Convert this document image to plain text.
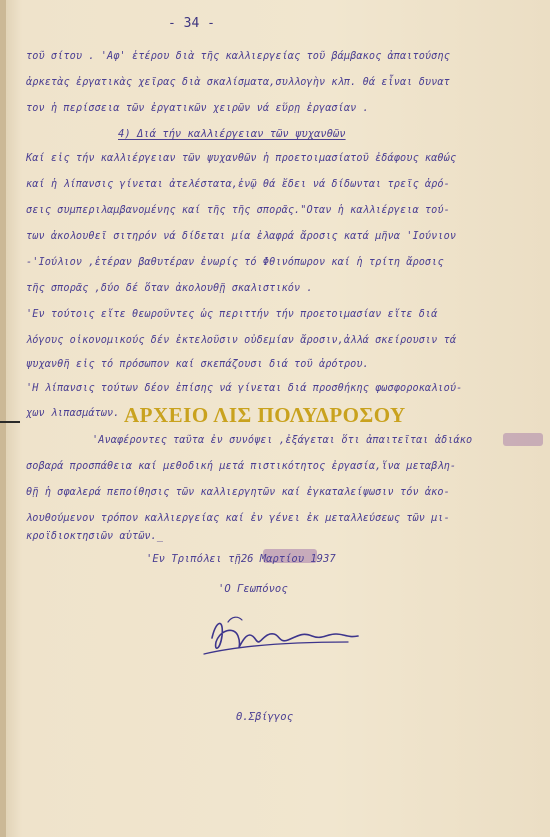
- 34 -
τοῦ σίτου . 'Αφ' ἑτέρου διὰ τῆς καλλιεργείας τοῦ βάμβακος ἀπαιτούσης
ἀρκετὰς ἐργατικὰς χεῖρας διὰ σκαλίσματα,συλλογὴν κλπ. θά εἶναι δυνατ
τον ἡ περίσσεια τῶν ἐργατικῶν χειρῶν νά εὕρῃ ἐργασίαν .
4) Διά τήν καλλιέργειαν τῶν ψυχανθῶν
Καί εἰς τήν καλλιέργειαν τῶν ψυχανθῶν ἡ προετοιμασίατοῦ ἐδάφους καθώς
καί ἡ λίπανσις γίνεται ἀτελέστατα,ἐνῷ θά ἔδει νά δίδωνται τρεῖς ἀρό-
σεις συμπεριλαμβανομένης καί τῆς τῆς σπορᾶς."Οταν ἡ καλλιέργεια τού-
των ἀκολουθεῖ σιτηρόν νά δίδεται μία ἐλαφρά ἄροσις κατά μῆνα 'Ιούνιον
-'Ιούλιον ,ἑτέραν βαθυτέραν ἐνωρίς τό Φθινόπωρον καί ἡ τρίτη ἄροσις
τῆς σπορᾶς ,δύο δέ ὅταν ἀκολουθῇ σκαλιστικόν .
'Εν τούτοις εἴτε θεωροῦντες ὡς περιττήν τήν προετοιμασίαν εἴτε διά
λόγους οἰκονομικούς δέν ἐκτελοῦσιν οὐδεμίαν ἄροσιν,ἀλλά σκείρουσιν τά
ψυχανθῆ εἰς τό πρόσωπον καί σκεπάζουσι διά τοῦ ἀρότρου.
'Η λίπανσις τούτων δέον ἐπίσης νά γίνεται διά προσθήκης φωσφοροκαλιού-
χων λιπασμάτων. ΑΡΧΕΙΟ ΛΙΣ ΠΟΛΥΔΡΟΣΟΥ
'Αναφέροντες ταῦτα ἐν συνόψει ,ἐξάγεται ὅτι ἀπαιτεῖται ἀδιάκο
σοβαρά προσπάθεια καί μεθοδική μετά πιστικότητος ἐργασία,ἵνα μεταβλη-
θῇ ἡ σφαλερά πεποίθησις τῶν καλλιεργητῶν καί ἐγκαταλείψωσιν τόν ἀκο-
λουθούμενον τρόπον καλλιεργείας καί ἐν γένει ἐκ μεταλλεύσεως τῶν μι-
κροϊδιοκτησιῶν αὐτῶν._
'Εν Τριπόλει τῇ26 Μαρτίου 1937
'Ο Γεωπόνος
Θ.Σβίγγος
